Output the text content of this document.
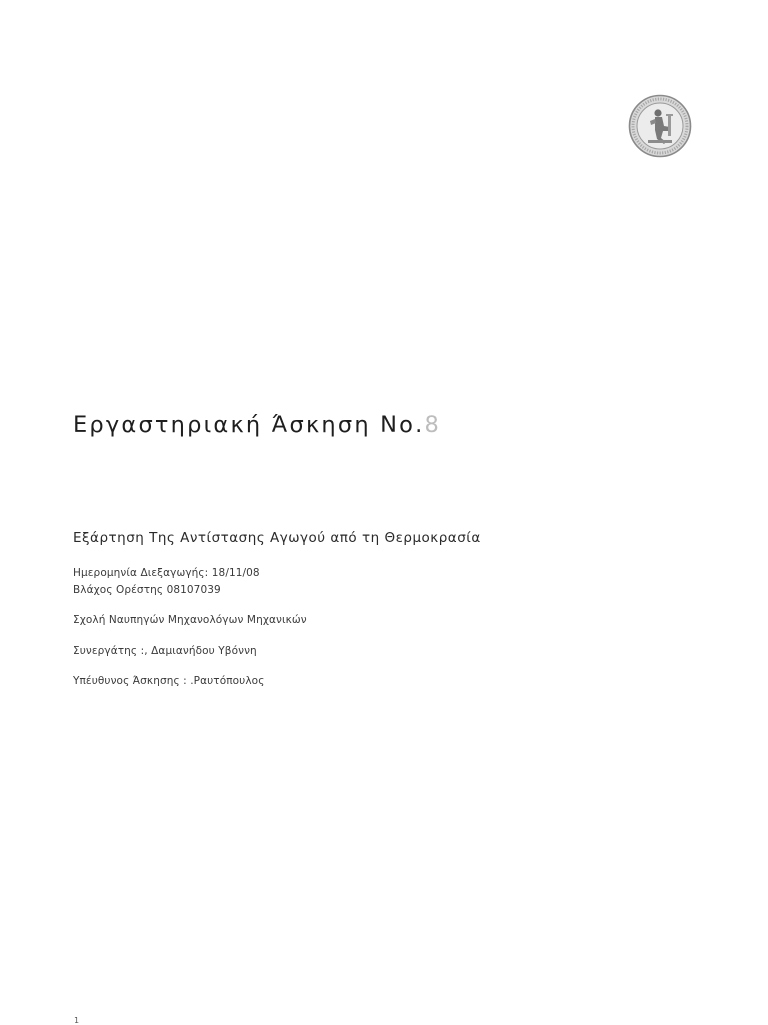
Εργαστηριακή Άσκηση Νο.8
Εξάρτηση Της Αντίστασης Αγωγού από τη Θερμοκρασία
Ημερομηνία Διεξαγωγής: 18/11/08
Βλάχος Ορέστης 08107039
Σχολή Ναυπηγών Μηχανολόγων Μηχανικών
Συνεργάτης :, Δαμιανήδου Υβόννη
Υπέυθυνος Άσκησης : .Ραυτόπουλος
1
